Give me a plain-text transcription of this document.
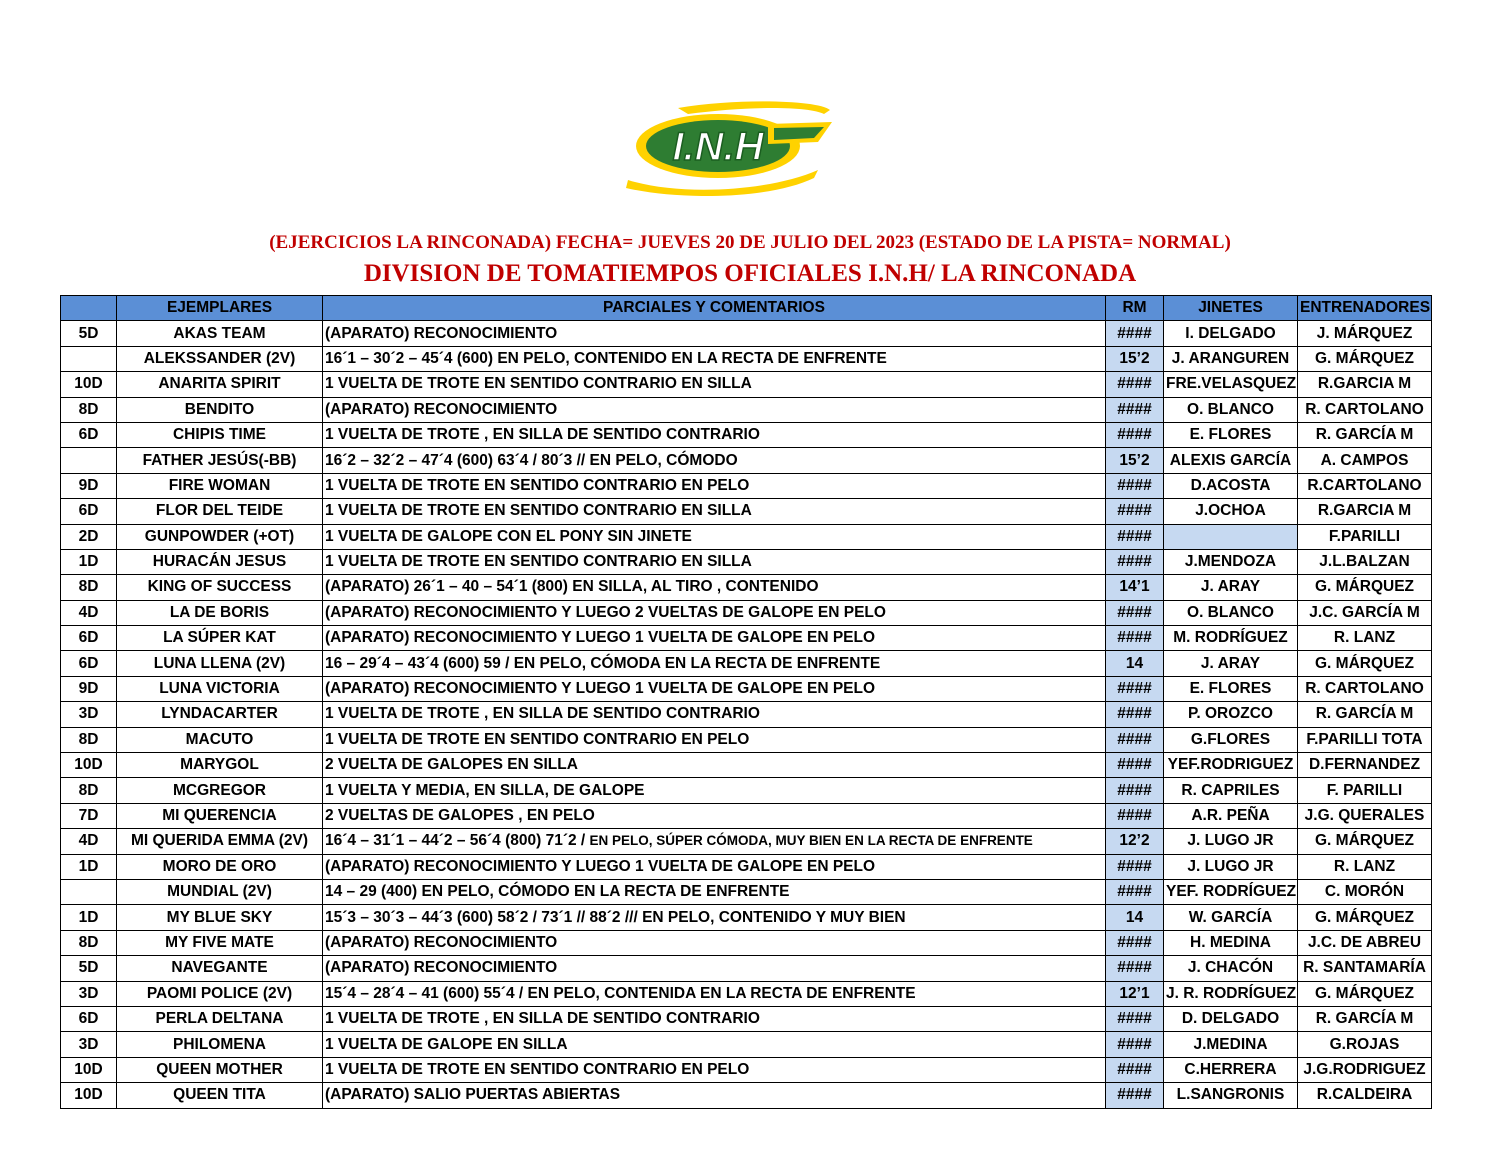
I.N.H
(EJERCICIOS LA RINCONADA) FECHA= JUEVES 20 DE JULIO DEL 2023 (ESTADO DE LA PISTA= NORMAL)
DIVISION DE TOMATIEMPOS OFICIALES I.N.H/ LA RINCONADA
	EJEMPLARES	PARCIALES Y COMENTARIOS	RM	JINETES	ENTRENADORES
5D	AKAS TEAM	(APARATO) RECONOCIMIENTO	####	I. DELGADO	J. MÁRQUEZ
	ALEKSSANDER (2V)	16´1 – 30´2 – 45´4 (600) EN PELO, CONTENIDO EN LA RECTA DE ENFRENTE	15’2	J. ARANGUREN	G. MÁRQUEZ
10D	ANARITA SPIRIT	1 VUELTA DE TROTE EN SENTIDO CONTRARIO EN SILLA	####	FRE.VELASQUEZ	R.GARCIA M
8D	BENDITO	(APARATO) RECONOCIMIENTO	####	O. BLANCO	R. CARTOLANO
6D	CHIPIS TIME	1 VUELTA DE TROTE , EN SILLA DE SENTIDO CONTRARIO	####	E. FLORES	R. GARCÍA M
	FATHER JESÚS(-BB)	16´2 – 32´2 – 47´4 (600) 63´4 / 80´3 // EN PELO, CÓMODO	15’2	ALEXIS GARCÍA	A. CAMPOS
9D	FIRE WOMAN	1 VUELTA DE TROTE EN SENTIDO CONTRARIO EN PELO	####	D.ACOSTA	R.CARTOLANO
6D	FLOR DEL TEIDE	1 VUELTA DE TROTE EN SENTIDO CONTRARIO EN SILLA	####	J.OCHOA	R.GARCIA M
2D	GUNPOWDER (+OT)	1 VUELTA DE GALOPE CON EL PONY SIN JINETE	####		F.PARILLI
1D	HURACÁN JESUS	1 VUELTA DE TROTE EN SENTIDO CONTRARIO EN SILLA	####	J.MENDOZA	J.L.BALZAN
8D	KING OF SUCCESS	(APARATO) 26´1 – 40 – 54´1 (800) EN SILLA, AL TIRO , CONTENIDO	14’1	J. ARAY	G. MÁRQUEZ
4D	LA DE BORIS	(APARATO) RECONOCIMIENTO Y LUEGO 2 VUELTAS DE GALOPE EN PELO	####	O. BLANCO	J.C. GARCÍA M
6D	LA SÚPER KAT	(APARATO) RECONOCIMIENTO Y LUEGO 1 VUELTA DE GALOPE EN PELO	####	M. RODRÍGUEZ	R. LANZ
6D	LUNA LLENA (2V)	16 – 29´4 – 43´4 (600) 59 / EN PELO, CÓMODA EN LA RECTA DE ENFRENTE	14	J. ARAY	G. MÁRQUEZ
9D	LUNA VICTORIA	(APARATO) RECONOCIMIENTO Y LUEGO 1 VUELTA DE GALOPE EN PELO	####	E. FLORES	R. CARTOLANO
3D	LYNDACARTER	1 VUELTA DE TROTE , EN SILLA DE SENTIDO CONTRARIO	####	P. OROZCO	R. GARCÍA M
8D	MACUTO	1 VUELTA DE TROTE EN SENTIDO CONTRARIO EN PELO	####	G.FLORES	F.PARILLI TOTA
10D	MARYGOL	2 VUELTA DE GALOPES EN SILLA	####	YEF.RODRIGUEZ	D.FERNANDEZ
8D	MCGREGOR	1 VUELTA Y MEDIA, EN SILLA, DE GALOPE	####	R. CAPRILES	F. PARILLI
7D	MI QUERENCIA	2 VUELTAS DE GALOPES , EN PELO	####	A.R. PEÑA	J.G. QUERALES
4D	MI QUERIDA EMMA (2V)	16´4 – 31´1 – 44´2 – 56´4 (800) 71´2 / EN PELO, SÚPER CÓMODA, MUY BIEN EN LA RECTA DE ENFRENTE	12’2	J. LUGO JR	G. MÁRQUEZ
1D	MORO DE ORO	(APARATO) RECONOCIMIENTO Y LUEGO 1 VUELTA DE GALOPE EN PELO	####	J. LUGO JR	R. LANZ
	MUNDIAL (2V)	14 – 29 (400) EN PELO, CÓMODO EN LA RECTA DE ENFRENTE	####	YEF. RODRÍGUEZ	C. MORÓN
1D	MY BLUE SKY	15´3 – 30´3 – 44´3 (600) 58´2 / 73´1 // 88´2 /// EN PELO, CONTENIDO Y MUY BIEN	14	W. GARCÍA	G. MÁRQUEZ
8D	MY FIVE MATE	(APARATO) RECONOCIMIENTO	####	H. MEDINA	J.C. DE ABREU
5D	NAVEGANTE	(APARATO) RECONOCIMIENTO	####	J. CHACÓN	R. SANTAMARÍA
3D	PAOMI POLICE (2V)	15´4 – 28´4 – 41 (600) 55´4 / EN PELO, CONTENIDA EN LA RECTA DE ENFRENTE	12’1	J. R. RODRÍGUEZ	G. MÁRQUEZ
6D	PERLA DELTANA	1 VUELTA DE TROTE , EN SILLA DE SENTIDO CONTRARIO	####	D. DELGADO	R. GARCÍA M
3D	PHILOMENA	1 VUELTA DE GALOPE EN SILLA	####	J.MEDINA	G.ROJAS
10D	QUEEN MOTHER	1 VUELTA DE TROTE EN SENTIDO CONTRARIO EN PELO	####	C.HERRERA	J.G.RODRIGUEZ
10D	QUEEN TITA	(APARATO) SALIO PUERTAS ABIERTAS	####	L.SANGRONIS	R.CALDEIRA
